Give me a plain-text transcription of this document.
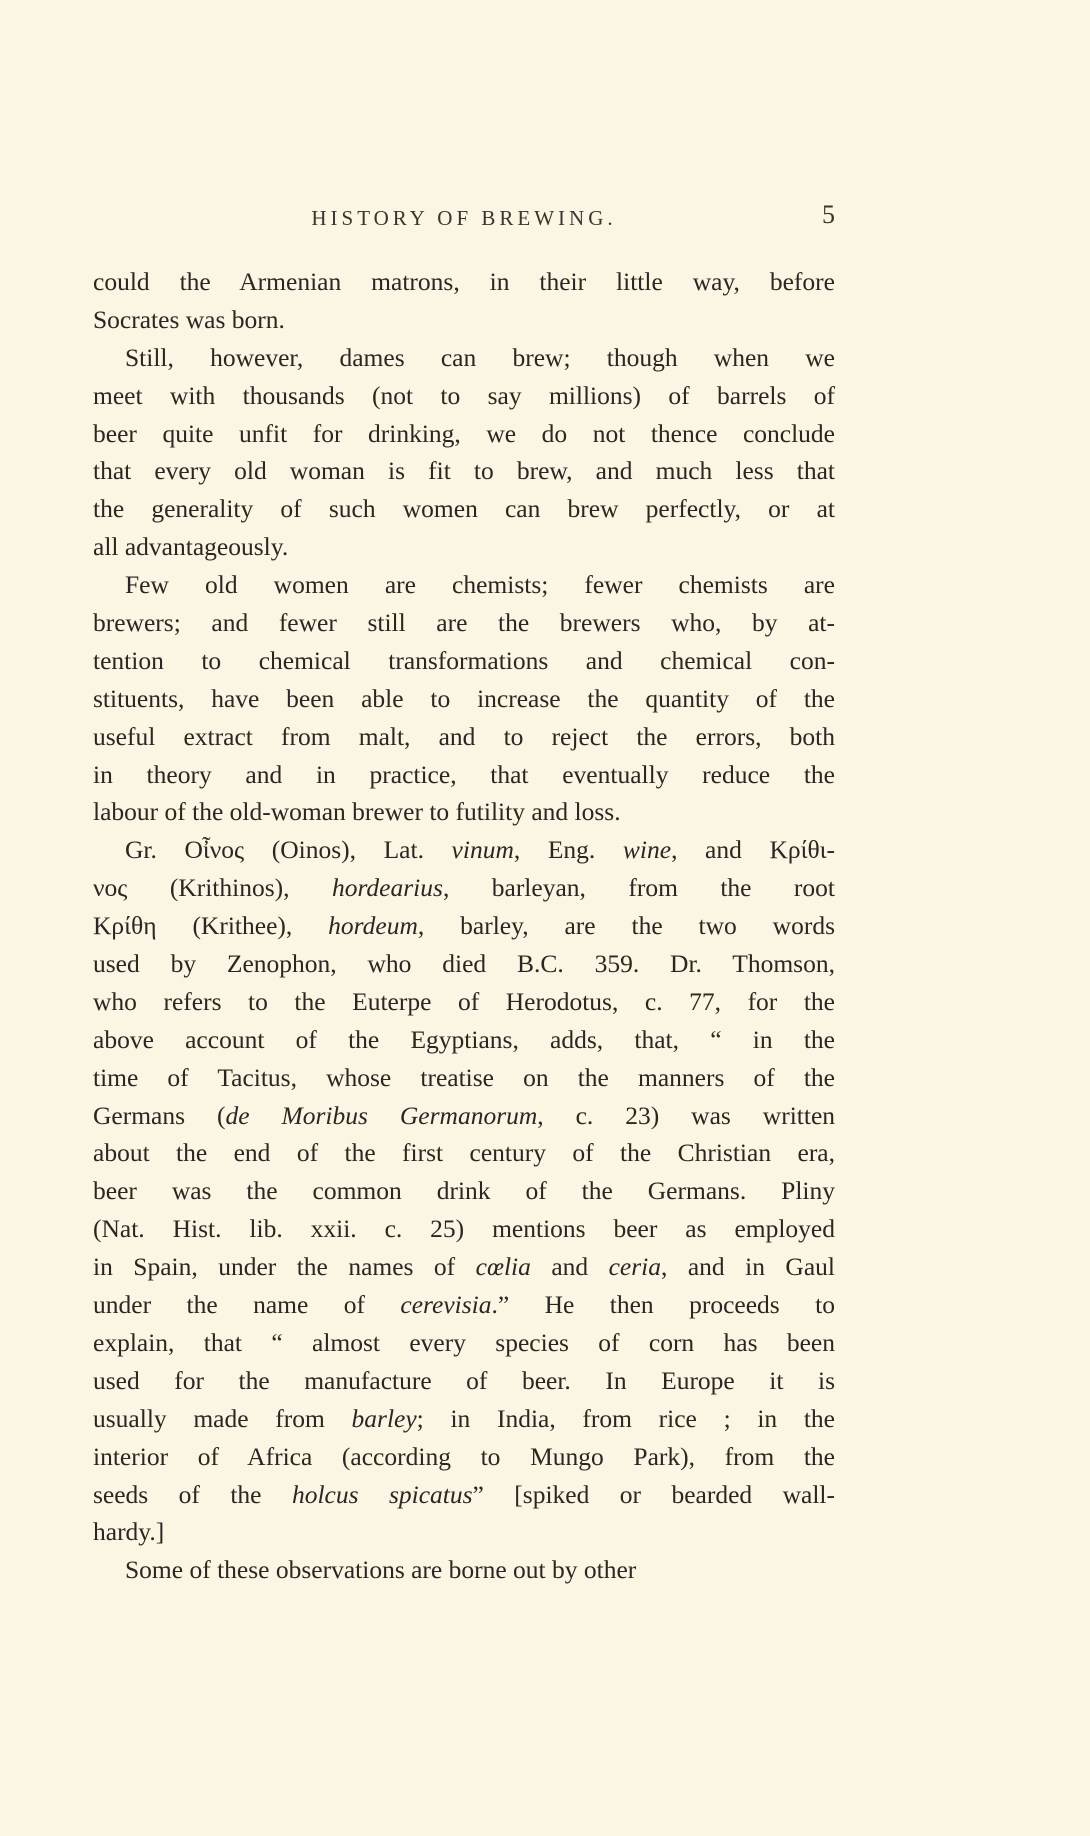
HISTORY OF BREWING.	5
could the Armenian matrons, in their little way, before
Socrates was born.
Still, however, dames can brew; though when we
meet with thousands (not to say millions) of barrels of
beer quite unfit for drinking, we do not thence conclude
that every old woman is fit to brew, and much less that
the generality of such women can brew perfectly, or at
all advantageously.
Few old women are chemists; fewer chemists are
brewers; and fewer still are the brewers who, by at-
tention to chemical transformations and chemical con-
stituents, have been able to increase the quantity of the
useful extract from malt, and to reject the errors, both
in theory and in practice, that eventually reduce the
labour of the old-woman brewer to futility and loss.
Gr. Οἶνος (Oinos), Lat. vinum, Eng. wine, and Κρίθι-
νος (Krithinos), hordearius, barleyan, from the root
Κρίθη (Krithee), hordeum, barley, are the two words
used by Zenophon, who died B.C. 359. Dr. Thomson,
who refers to the Euterpe of Herodotus, c. 77, for the
above account of the Egyptians, adds, that, “ in the
time of Tacitus, whose treatise on the manners of the
Germans (de Moribus Germanorum, c. 23) was written
about the end of the first century of the Christian era,
beer was the common drink of the Germans. Pliny
(Nat. Hist. lib. xxii. c. 25) mentions beer as employed
in Spain, under the names of cœlia and ceria, and in Gaul
under the name of cerevisia.” He then proceeds to
explain, that “ almost every species of corn has been
used for the manufacture of beer. In Europe it is
usually made from barley; in India, from rice ; in the
interior of Africa (according to Mungo Park), from the
seeds of the holcus spicatus” [spiked or bearded wall-
hardy.]
Some of these observations are borne out by other
